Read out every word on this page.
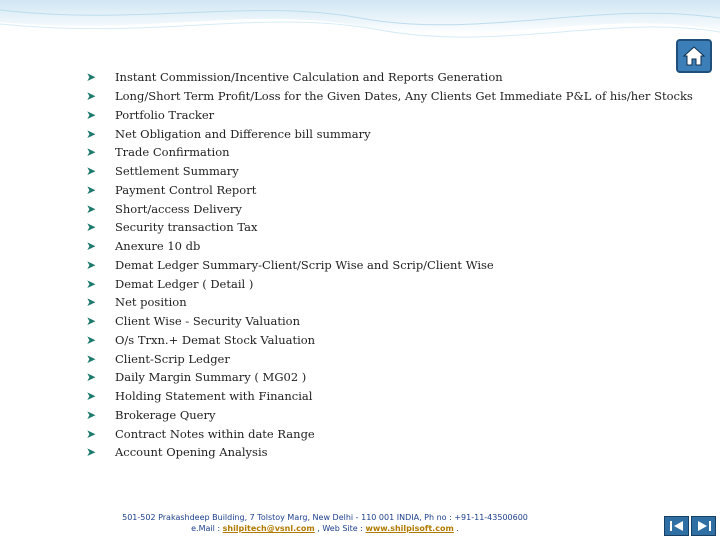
➤ Instant Commission/Incentive Calculation and Reports Generation
➤ Long/Short Term Profit/Loss for the Given Dates, Any Clients Get Immediate P&L of his/her Stocks
➤ Portfolio Tracker
➤ Net Obligation and Difference bill summary
➤ Trade Confirmation
➤ Settlement Summary
➤ Payment Control Report
➤ Short/access Delivery
➤ Security transaction Tax
➤ Anexure 10 db
➤ Demat Ledger Summary-Client/Scrip Wise and Scrip/Client Wise
➤ Demat Ledger ( Detail )
➤ Net position
➤ Client Wise - Security Valuation
➤ O/s Trxn.+ Demat Stock Valuation
➤ Client-Scrip Ledger
➤ Daily Margin Summary ( MG02 )
➤ Holding Statement with Financial
➤ Brokerage Query
➤ Contract Notes within date Range
➤ Account Opening Analysis
501-502 Prakashdeep Building, 7 Tolstoy Marg, New Delhi - 110 001 INDIA, Ph no : +91-11-43500600
e.Mail : shilpitech@vsnl.com , Web Site : www.shilpisoft.com .
